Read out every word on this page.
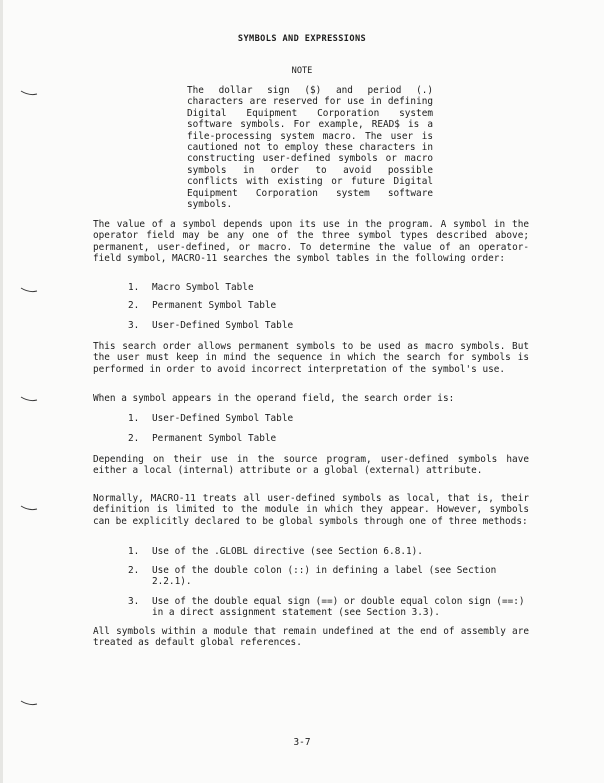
SYMBOLS AND EXPRESSIONS
NOTE
The dollar sign ($) and period (.) characters are reserved for use in defining Digital Equipment Corporation system software symbols. For example, READ$ is a file-processing system macro. The user is cautioned not to employ these characters in constructing user-defined symbols or macro symbols in order to avoid possible conflicts with existing or future Digital Equipment Corporation system software symbols.
The value of a symbol depends upon its use in the program. A symbol in the operator field may be any one of the three symbol types described above; permanent, user-defined, or macro. To determine the value of an operator-field symbol, MACRO-11 searches the symbol tables in the following order:
1. Macro Symbol Table
2. Permanent Symbol Table
3. User-Defined Symbol Table
This search order allows permanent symbols to be used as macro symbols. But the user must keep in mind the sequence in which the search for symbols is performed in order to avoid incorrect interpretation of the symbol's use.
When a symbol appears in the operand field, the search order is:
1. User-Defined Symbol Table
2. Permanent Symbol Table
Depending on their use in the source program, user-defined symbols have either a local (internal) attribute or a global (external) attribute.
Normally, MACRO-11 treats all user-defined symbols as local, that is, their definition is limited to the module in which they appear. However, symbols can be explicitly declared to be global symbols through one of three methods:
1. Use of the .GLOBL directive (see Section 6.8.1).
2. Use of the double colon (::) in defining a label (see Section 2.2.1).
3. Use of the double equal sign (==) or double equal colon sign (==:) in a direct assignment statement (see Section 3.3).
All symbols within a module that remain undefined at the end of assembly are treated as default global references.
3-7
